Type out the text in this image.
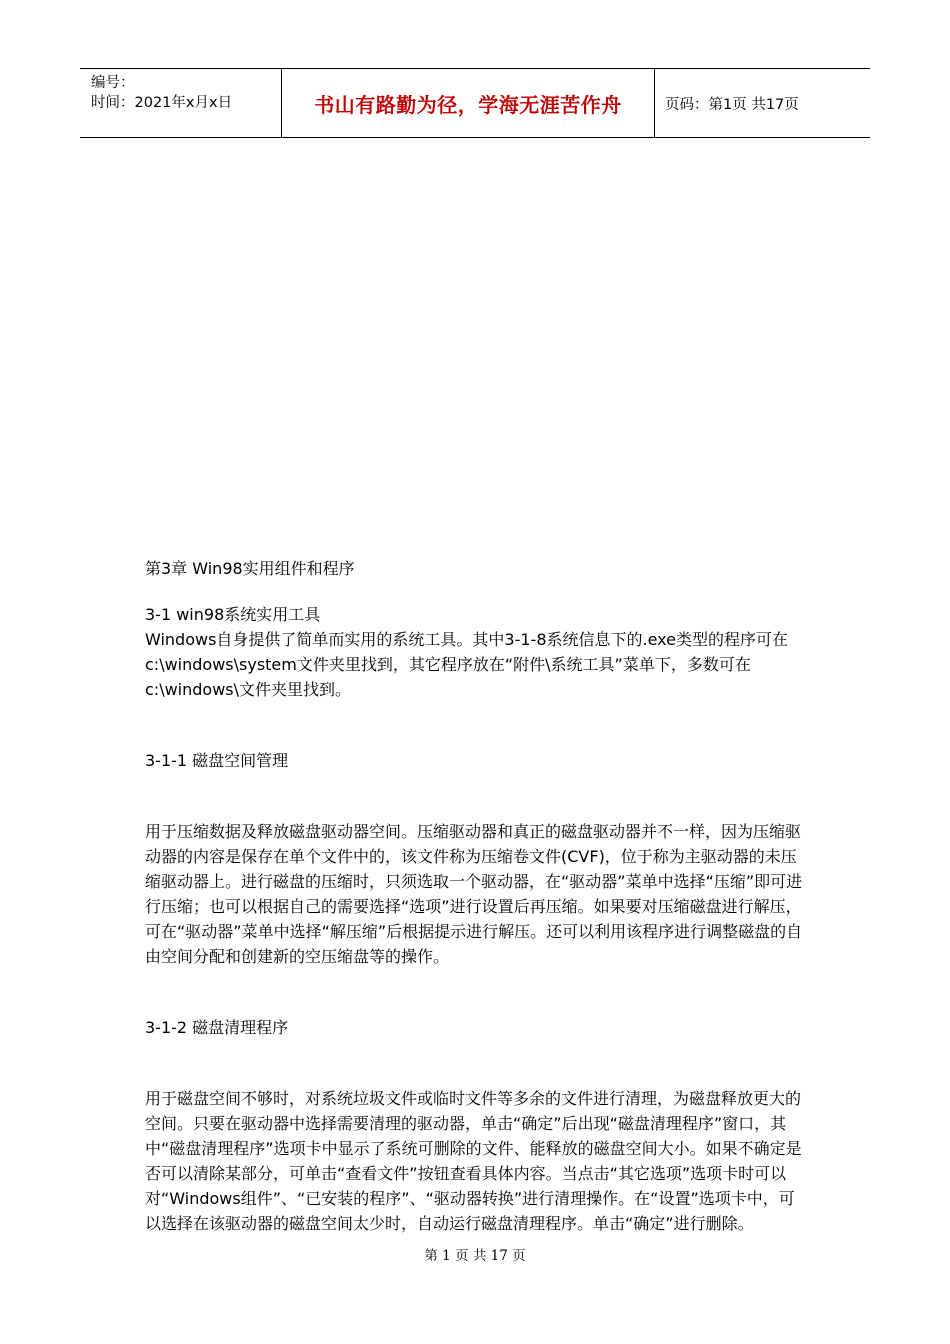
编号：
时间：2021年x月x日	书山有路勤为径，学海无涯苦作舟	页码：第1页 共17页

第3章 Win98实用组件和程序

3-1 win98系统实用工具

Windows自身提供了简单而实用的系统工具。其中3-1-8系统信息下的.exe类型的程序可在c:\windows\system文件夹里找到，其它程序放在“附件\系统工具”菜单下，多数可在c:\windows\文件夹里找到。

3-1-1 磁盘空间管理

用于压缩数据及释放磁盘驱动器空间。压缩驱动器和真正的磁盘驱动器并不一样，因为压缩驱动器的内容是保存在单个文件中的，该文件称为压缩卷文件(CVF)，位于称为主驱动器的未压缩驱动器上。进行磁盘的压缩时，只须选取一个驱动器，在“驱动器”菜单中选择“压缩”即可进行压缩；也可以根据自己的需要选择“选项”进行设置后再压缩。如果要对压缩磁盘进行解压，可在“驱动器”菜单中选择“解压缩”后根据提示进行解压。还可以利用该程序进行调整磁盘的自由空间分配和创建新的空压缩盘等的操作。

3-1-2 磁盘清理程序

用于磁盘空间不够时，对系统垃圾文件或临时文件等多余的文件进行清理，为磁盘释放更大的空间。只要在驱动器中选择需要清理的驱动器，单击“确定”后出现“磁盘清理程序”窗口，其中“磁盘清理程序”选项卡中显示了系统可删除的文件、能释放的磁盘空间大小。如果不确定是否可以清除某部分，可单击“查看文件”按钮查看具体内容。当点击“其它选项”选项卡时可以对“Windows组件”、“已安装的程序”、“驱动器转换”进行清理操作。在“设置”选项卡中，可以选择在该驱动器的磁盘空间太少时，自动运行磁盘清理程序。单击“确定”进行删除。

第 1 页 共 17 页
